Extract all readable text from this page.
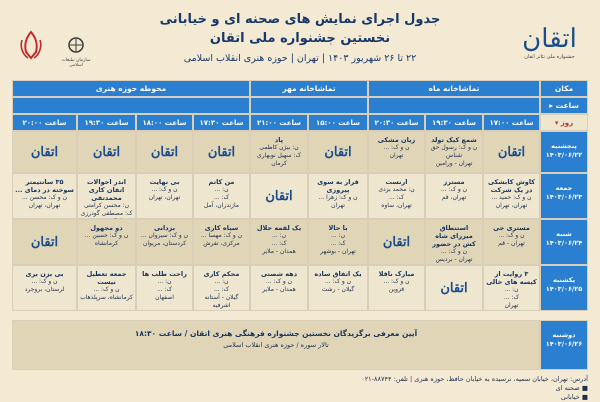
جدول اجرای نمایش های صحنه ای و خیابانی
نخستین جشنواره ملی اتقان
۲۲ تا ۲۶ شهریور ۱۴۰۳ | تهران | حوزه هنری انقلاب اسلامی
اتقان
جشنواره ملی تئاتر اتقان
سازمان تبلیغات اسلامی
مکان
ساعت ▸
روز ▾
تماشاخانه ماه
تماشاخانه مهر
محوطه حوزه هنری
ساعت ۱۷:۰۰
ساعت ۱۹:۳۰
ساعت ۲۰:۳۰
ساعت ۱۵:۰۰
ساعت ۲۱:۰۰
ساعت ۱۷:۳۰
ساعت ۱۸:۰۰
ساعت ۱۹:۳۰
ساعت ۲۰:۰۰
پنجشنبه
۱۴۰۳/۰۶/۲۲
اتقان
شمع کیک تولد
ن و ک: رسول حق شناس
تهران - ورامین
زیان مشکی
ن و ک: ...
تهران
اتقان
پاد
ن: بیژن کاظمی
ک: سهیل نوبهاری
کرمان
اتقان
اتقان
اتقان
اتقان
جمعه
۱۴۰۳/۰۶/۲۳
کاوش کابشکی در یک شرکت
ن و ک: حمید ...
تهران، تهران
مسترز
ن و ک: ...
تهران، قم
ارنست
ن: محمد بزدی
ک: ...
تهران، ساوه
قرار به سوی پیروزی
ن و ک: زهرا ...
تهران
اتقان
من کاتم
ن: ...
ک: ...
مازندران، آمل
بی نهایت
ن و ک: ...
تهران، تهران
اندر احوالات اتقان کاری محمدتقی
ن: محسن کرامتی
ک: مصطفی گودرزی

۳۵ سانتیمتر سوخته در دمای ...
ن و ک: محسن ...
تهران، تهران
شنبه
۱۴۰۳/۰۶/۲۴
مستری جی
ن و ک: ...
تهران - قم
استنطاق میرزای شاه کش در حضور
ن و ک: ...
تهران - برديس
اتقان
با حالا
ن: ...
ک: ...
تهران - بوشهر
یک لقمه حلال
ن: ...
ک: ...
همدان - ملایر
سیاه کاری
ن و ک: مهسا ...
مرکزی، تفرش
بزدانی
ن و ک: سیروان ...
کردستان، مریوان
دو مجهول
ن و ک: حسین ...
کرمانشاه
اتقان
یکشنبه
۱۴۰۳/۰۶/۲۵
۳ روایت از کیسه های خالی
ن: ...
ک: ...
تهران
اتقان
مبارک ناقلا
ن و ک: ...
قزوین
یک اتفاق ساده
ن و ک: ...
گیلان - رشت
دهه شصتی
ن و ک: ...
همدان - ملایر
محکم کاری
ن: ...
ک: ...
گیلان - آستانه اشرفیه
راحت طلب ها
ن: ...
ک: ...
اصفهان
جمعه تعطیل نیست
ن و ک: ...
کرمانشاه، سرپلذهاب
بی بزن بری
ن و ک: ...
لرستان، بروجرد
دوشنبه
۱۴۰۳/۰۶/۲۶
آیین معرفی برگزیدگان نخستین جشنواره فرهنگی هنری اتقان / ساعت ۱۸:۳۰
تالار سوره / حوزه هنری انقلاب اسلامی
آدرس: تهران، خیابان سمیه، نرسیده به خیابان حافظ، حوزه هنری | تلفن: ۸۸۷۴۴-۰۲۱
■ صحنه ای
■ خیابانی
